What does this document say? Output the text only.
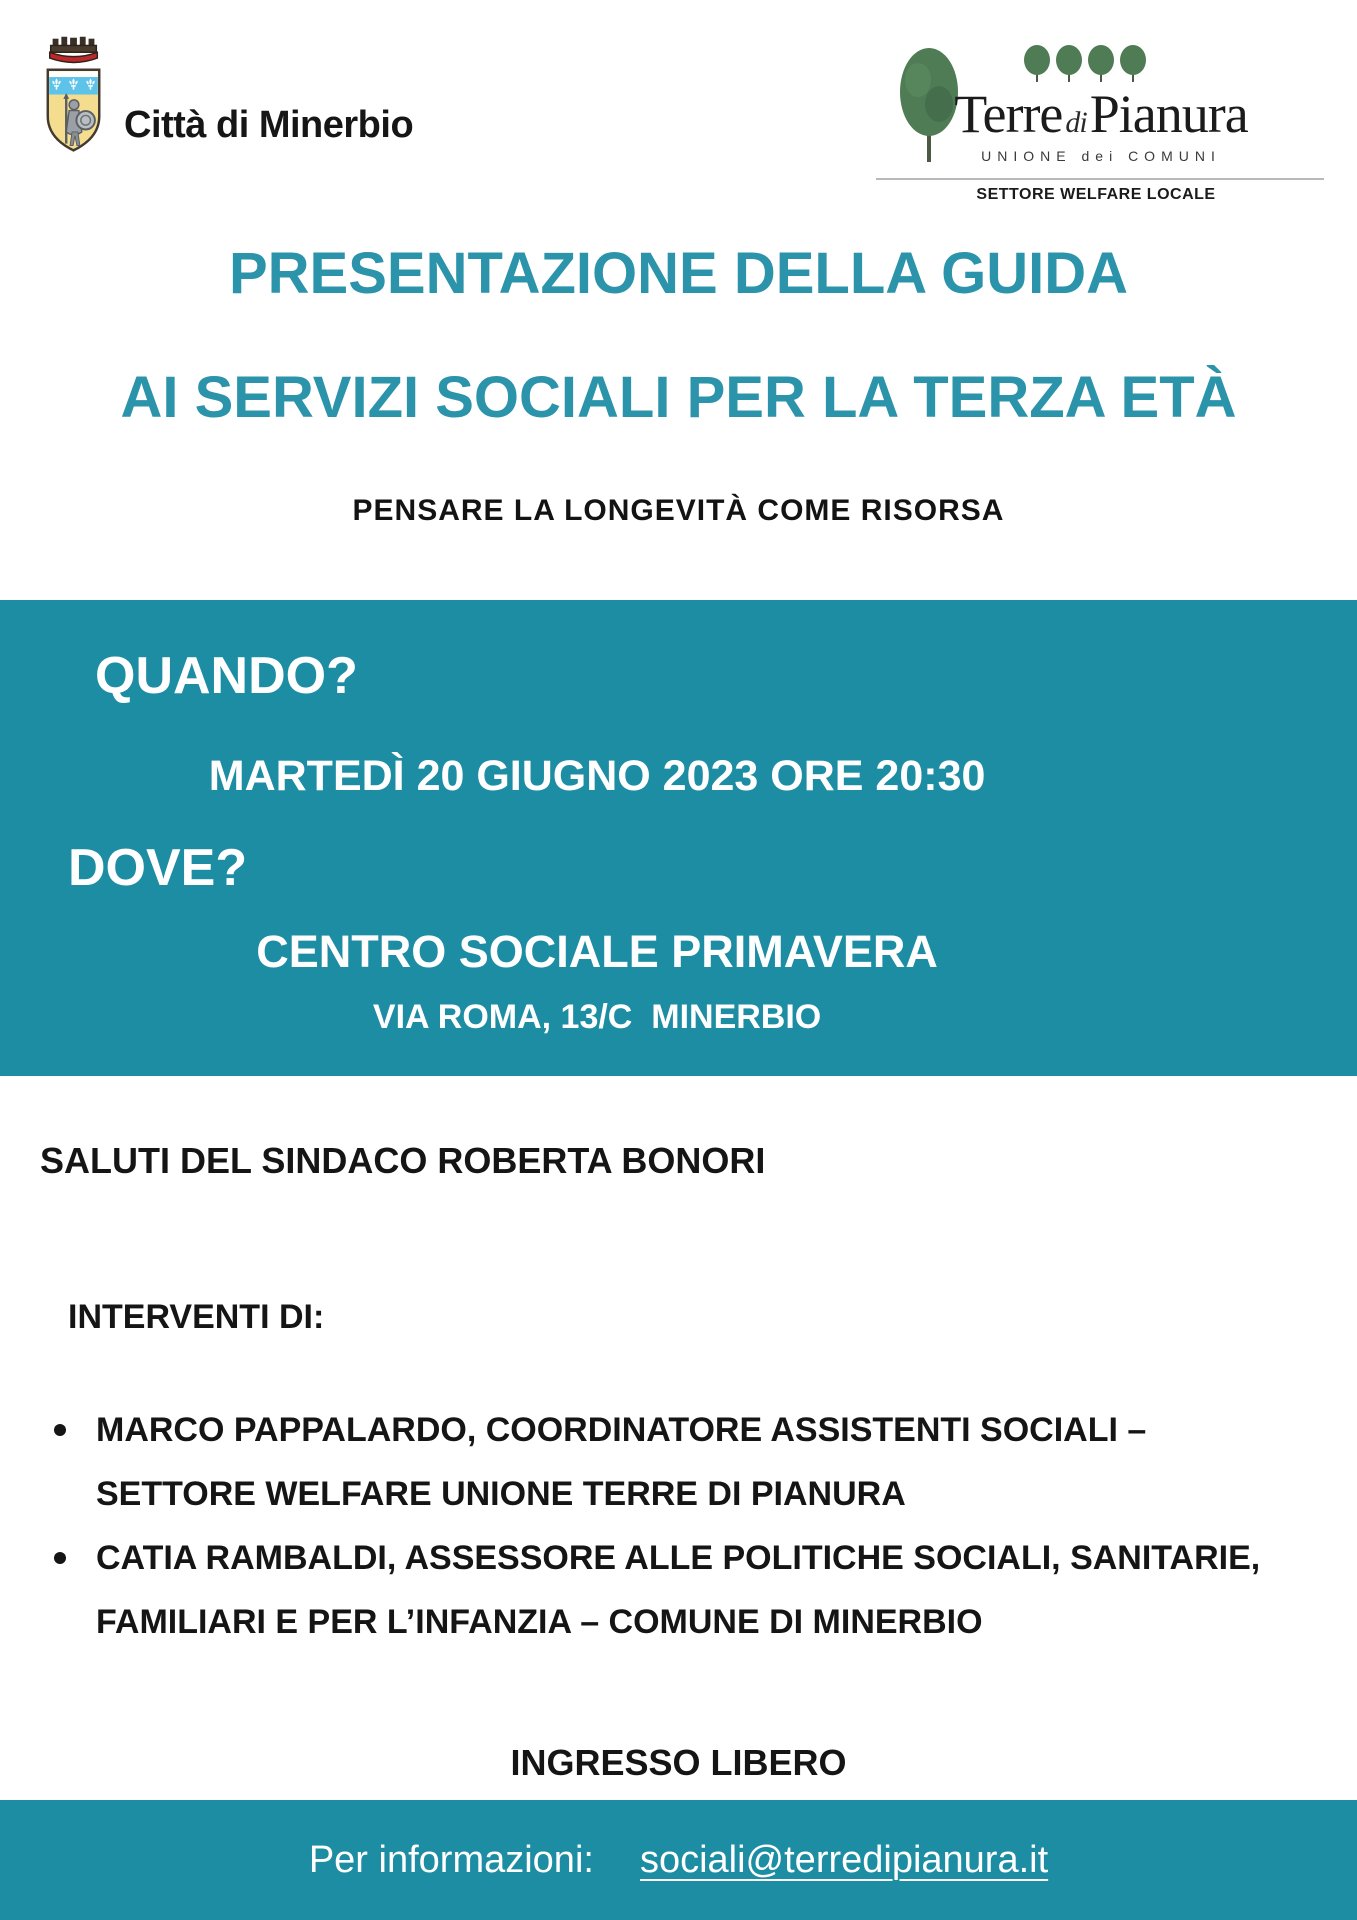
Città di Minerbio	Terre diPianura
UNIONE dei COMUNI
SETTORE WELFARE LOCALE
PRESENTAZIONE DELLA GUIDA
AI SERVIZI SOCIALI PER LA TERZA ETÀ
PENSARE LA LONGEVITÀ COME RISORSA
QUANDO?
MARTEDÌ 20 GIUGNO 2023 ORE 20:30
DOVE?
CENTRO SOCIALE PRIMAVERA
VIA ROMA, 13/C  MINERBIO
SALUTI DEL SINDACO ROBERTA BONORI
INTERVENTI DI:
MARCO PAPPALARDO, COORDINATORE ASSISTENTI SOCIALI –
SETTORE WELFARE UNIONE TERRE DI PIANURA
CATIA RAMBALDI, ASSESSORE ALLE POLITICHE SOCIALI, SANITARIE,
FAMILIARI E PER L’INFANZIA – COMUNE DI MINERBIO
INGRESSO LIBERO
Per informazioni: sociali@terredipianura.it
